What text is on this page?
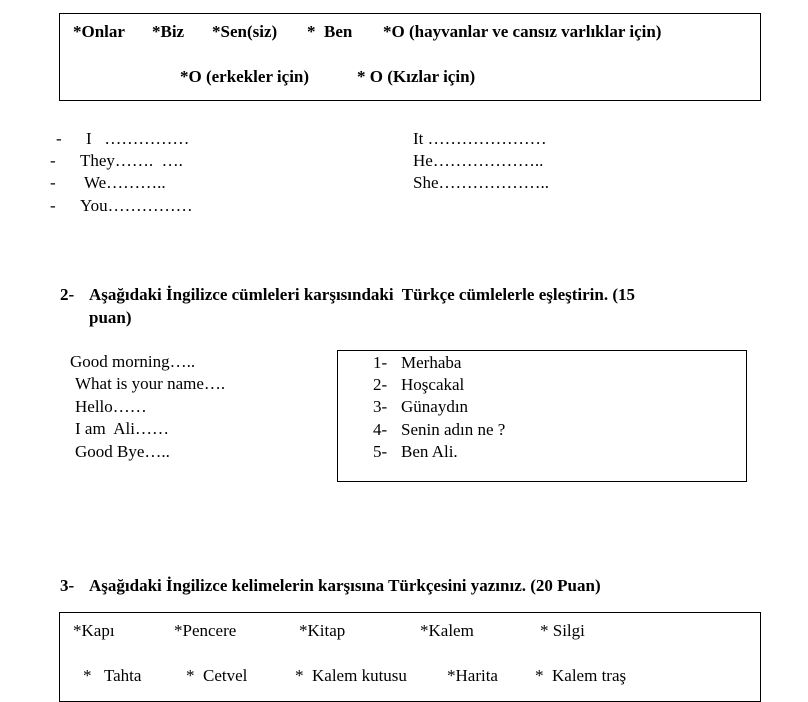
*Onlar *Biz *Sen(siz) *  Ben *O (hayvanlar ve cansız varlıklar için)
*O (erkekler için)	* O (Kızlar için)
- I   ……………
- They…….  ….
- We………..
- You……………
It …………………
He………………..
She………………..
2- Aşağıdaki İngilizce cümleleri karşısındaki  Türkçe cümlelerle eşleştirin. (15
puan)
Good morning…..
What is your name….
Hello……
I am  Ali……
Good Bye…..
1- Merhaba
2- Hoşcakal
3- Günaydın
4- Senin adın ne ?
5- Ben Ali.
3- Aşağıdaki İngilizce kelimelerin karşısına Türkçesini yazınız. (20 Puan)
*Kapı	*Pencere	*Kitap	*Kalem	* Silgi
*   Tahta	*  Cetvel	*  Kalem kutusu *Harita *  Kalem traş
